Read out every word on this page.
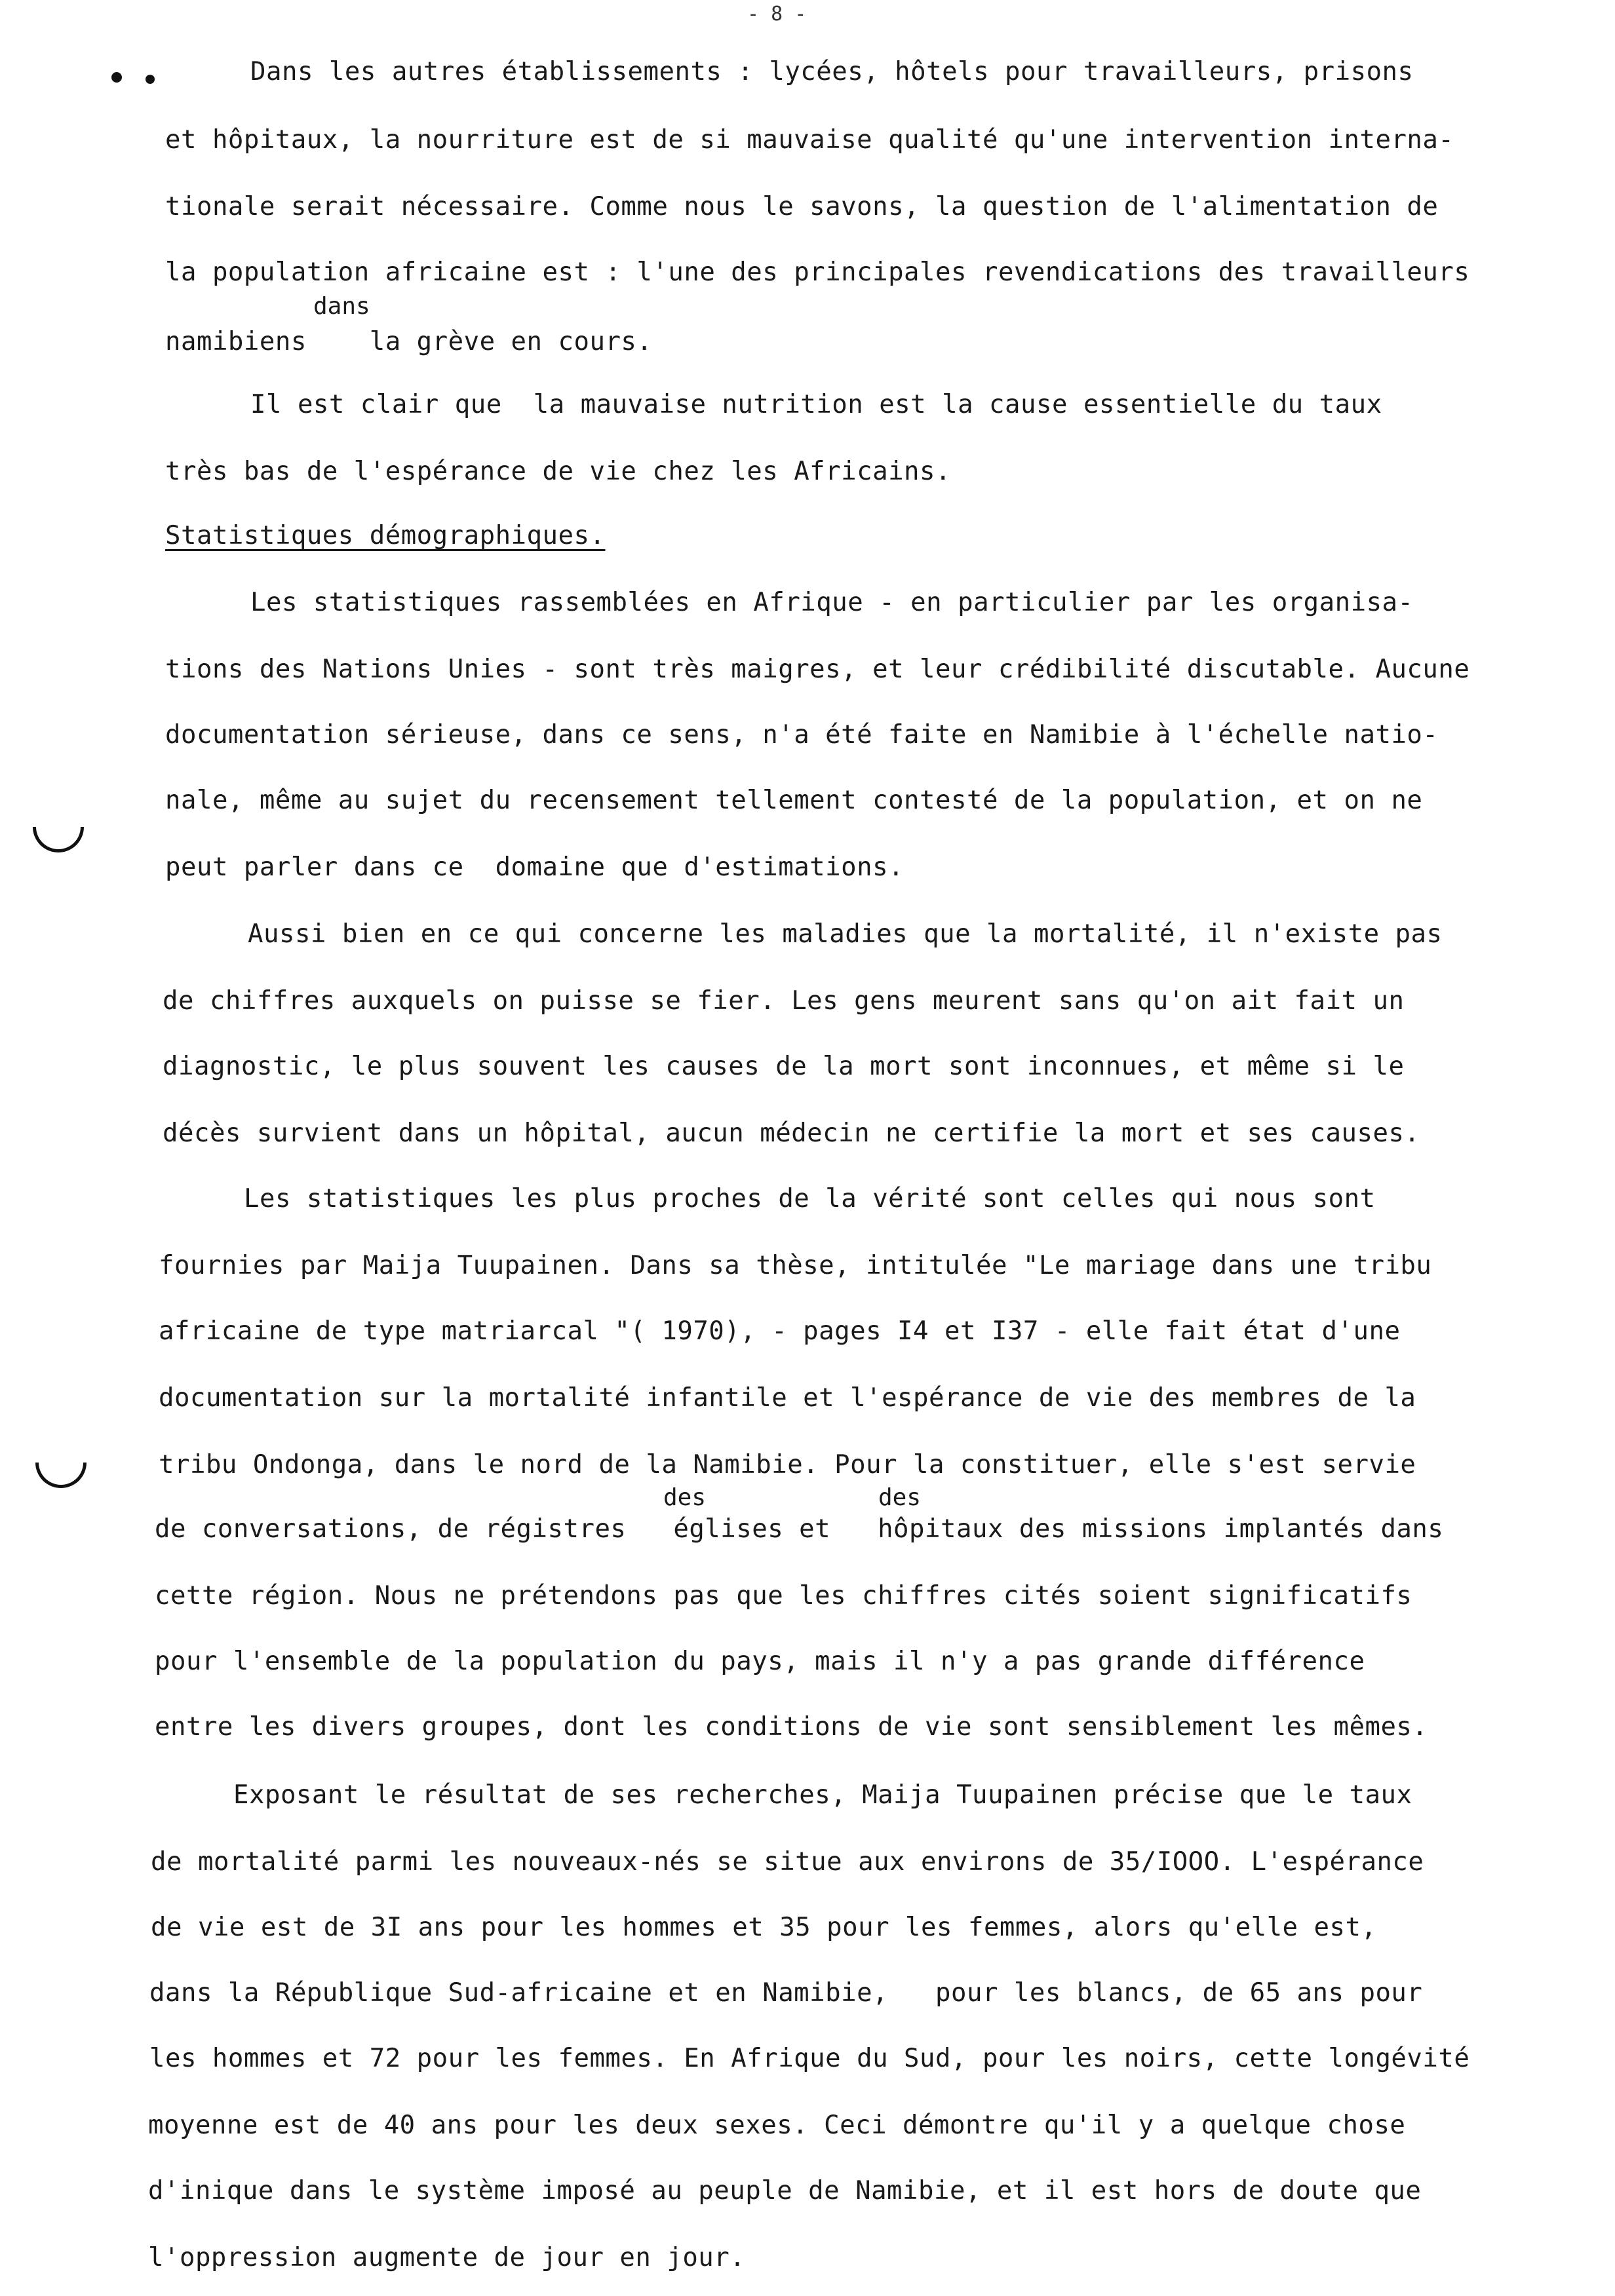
- 8 -
Dans les autres établissements : lycées, hôtels pour travailleurs, prisons
et hôpitaux, la nourriture est de si mauvaise qualité qu'une intervention interna-
tionale serait nécessaire. Comme nous le savons, la question de l'alimentation de
la population africaine est : l'une des principales revendications des travailleurs
dans
namibiens    la grève en cours.
Il est clair que  la mauvaise nutrition est la cause essentielle du taux
très bas de l'espérance de vie chez les Africains.
Statistiques démographiques.
Les statistiques rassemblées en Afrique - en particulier par les organisa-
tions des Nations Unies - sont très maigres, et leur crédibilité discutable. Aucune
documentation sérieuse, dans ce sens, n'a été faite en Namibie à l'échelle natio-
nale, même au sujet du recensement tellement contesté de la population, et on ne
peut parler dans ce  domaine que d'estimations.
Aussi bien en ce qui concerne les maladies que la mortalité, il n'existe pas
de chiffres auxquels on puisse se fier. Les gens meurent sans qu'on ait fait un
diagnostic, le plus souvent les causes de la mort sont inconnues, et même si le
décès survient dans un hôpital, aucun médecin ne certifie la mort et ses causes.
Les statistiques les plus proches de la vérité sont celles qui nous sont
fournies par Maija Tuupainen. Dans sa thèse, intitulée "Le mariage dans une tribu
africaine de type matriarcal "( 1970), - pages I4 et I37 - elle fait état d'une
documentation sur la mortalité infantile et l'espérance de vie des membres de la
tribu Ondonga, dans le nord de la Namibie. Pour la constituer, elle s'est servie
des	des
de conversations, de régistres   églises et   hôpitaux des missions implantés dans
cette région. Nous ne prétendons pas que les chiffres cités soient significatifs
pour l'ensemble de la population du pays, mais il n'y a pas grande différence
entre les divers groupes, dont les conditions de vie sont sensiblement les mêmes.
Exposant le résultat de ses recherches, Maija Tuupainen précise que le taux
de mortalité parmi les nouveaux-nés se situe aux environs de 35/IOOO. L'espérance
de vie est de 3I ans pour les hommes et 35 pour les femmes, alors qu'elle est,
dans la République Sud-africaine et en Namibie,   pour les blancs, de 65 ans pour
les hommes et 72 pour les femmes. En Afrique du Sud, pour les noirs, cette longévité
moyenne est de 40 ans pour les deux sexes. Ceci démontre qu'il y a quelque chose
d'inique dans le système imposé au peuple de Namibie, et il est hors de doute que
l'oppression augmente de jour en jour.
